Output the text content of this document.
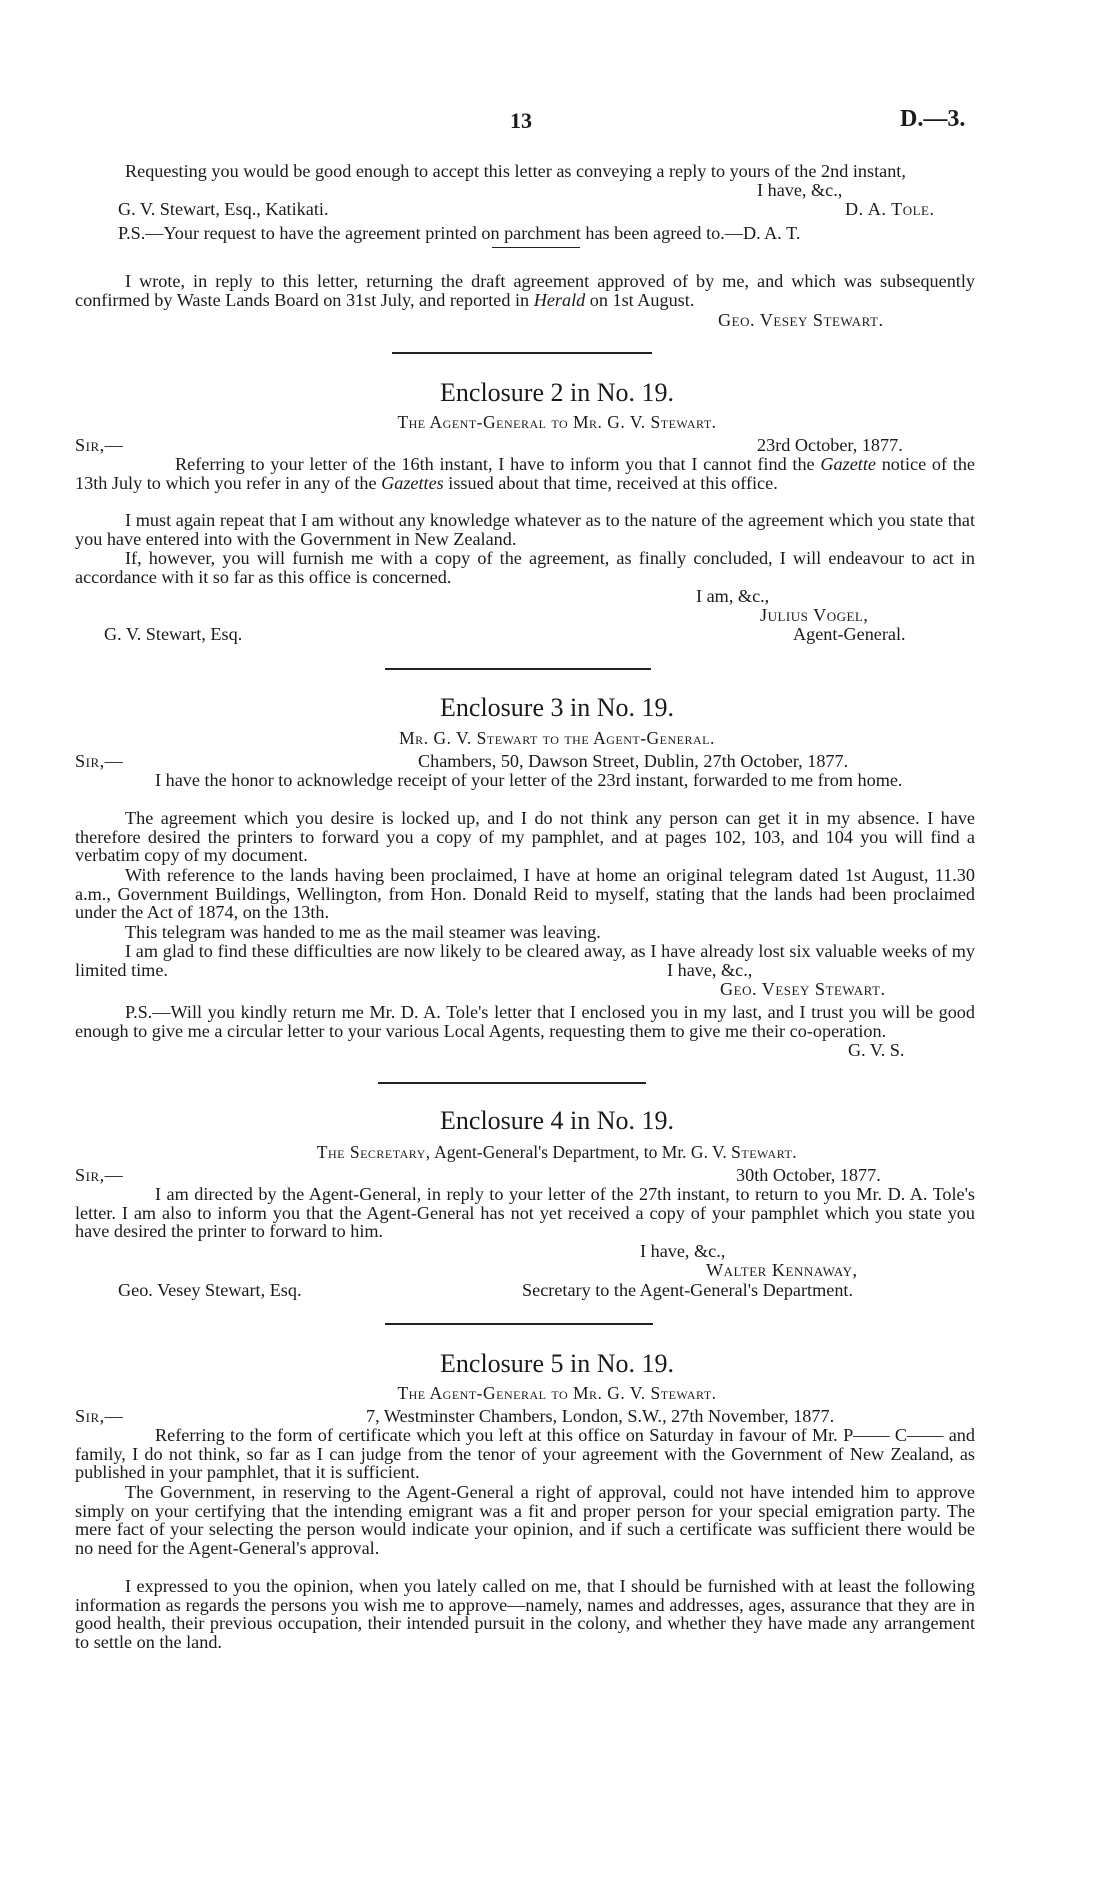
13	D.—3.
Requesting you would be good enough to accept this letter as conveying a reply to yours of the 2nd instant,
I have, &c.,
G. V. Stewart, Esq., Katikati.	D. A. Tole.
P.S.—Your request to have the agreement printed on parchment has been agreed to.—D. A. T.
I wrote, in reply to this letter, returning the draft agreement approved of by me, and which was subsequently confirmed by Waste Lands Board on 31st July, and reported in Herald on 1st August.
Geo. Vesey Stewart.
Enclosure 2 in No. 19.
The Agent-General to Mr. G. V. Stewart.
Sir,—	23rd October, 1877.
Referring to your letter of the 16th instant, I have to inform you that I cannot find the Gazette notice of the 13th July to which you refer in any of the Gazettes issued about that time, received at this office.
I must again repeat that I am without any knowledge whatever as to the nature of the agreement which you state that you have entered into with the Government in New Zealand.
If, however, you will furnish me with a copy of the agreement, as finally concluded, I will endeavour to act in accordance with it so far as this office is concerned.
I am, &c.,
Julius Vogel,
G. V. Stewart, Esq.	Agent-General.
Enclosure 3 in No. 19.
Mr. G. V. Stewart to the Agent-General.
Sir,—	Chambers, 50, Dawson Street, Dublin, 27th October, 1877.
I have the honor to acknowledge receipt of your letter of the 23rd instant, forwarded to me from home.
The agreement which you desire is locked up, and I do not think any person can get it in my absence. I have therefore desired the printers to forward you a copy of my pamphlet, and at pages 102, 103, and 104 you will find a verbatim copy of my document.
With reference to the lands having been proclaimed, I have at home an original telegram dated 1st August, 11.30 a.m., Government Buildings, Wellington, from Hon. Donald Reid to myself, stating that the lands had been proclaimed under the Act of 1874, on the 13th.
This telegram was handed to me as the mail steamer was leaving.
I am glad to find these difficulties are now likely to be cleared away, as I have already lost six valuable weeks of my limited time.	I have, &c.,
Geo. Vesey Stewart.
P.S.—Will you kindly return me Mr. D. A. Tole's letter that I enclosed you in my last, and I trust you will be good enough to give me a circular letter to your various Local Agents, requesting them to give me their co-operation.
G. V. S.
Enclosure 4 in No. 19.
The Secretary, Agent-General's Department, to Mr. G. V. Stewart.
Sir,—	30th October, 1877.
I am directed by the Agent-General, in reply to your letter of the 27th instant, to return to you Mr. D. A. Tole's letter. I am also to inform you that the Agent-General has not yet received a copy of your pamphlet which you state you have desired the printer to forward to him.
I have, &c.,
Walter Kennaway,
Geo. Vesey Stewart, Esq.	Secretary to the Agent-General's Department.
Enclosure 5 in No. 19.
The Agent-General to Mr. G. V. Stewart.
Sir,—	7, Westminster Chambers, London, S.W., 27th November, 1877.
Referring to the form of certificate which you left at this office on Saturday in favour of Mr. P—— C—— and family, I do not think, so far as I can judge from the tenor of your agreement with the Government of New Zealand, as published in your pamphlet, that it is sufficient.
The Government, in reserving to the Agent-General a right of approval, could not have intended him to approve simply on your certifying that the intending emigrant was a fit and proper person for your special emigration party. The mere fact of your selecting the person would indicate your opinion, and if such a certificate was sufficient there would be no need for the Agent-General's approval.
I expressed to you the opinion, when you lately called on me, that I should be furnished with at least the following information as regards the persons you wish me to approve—namely, names and addresses, ages, assurance that they are in good health, their previous occupation, their intended pursuit in the colony, and whether they have made any arrangement to settle on the land.
